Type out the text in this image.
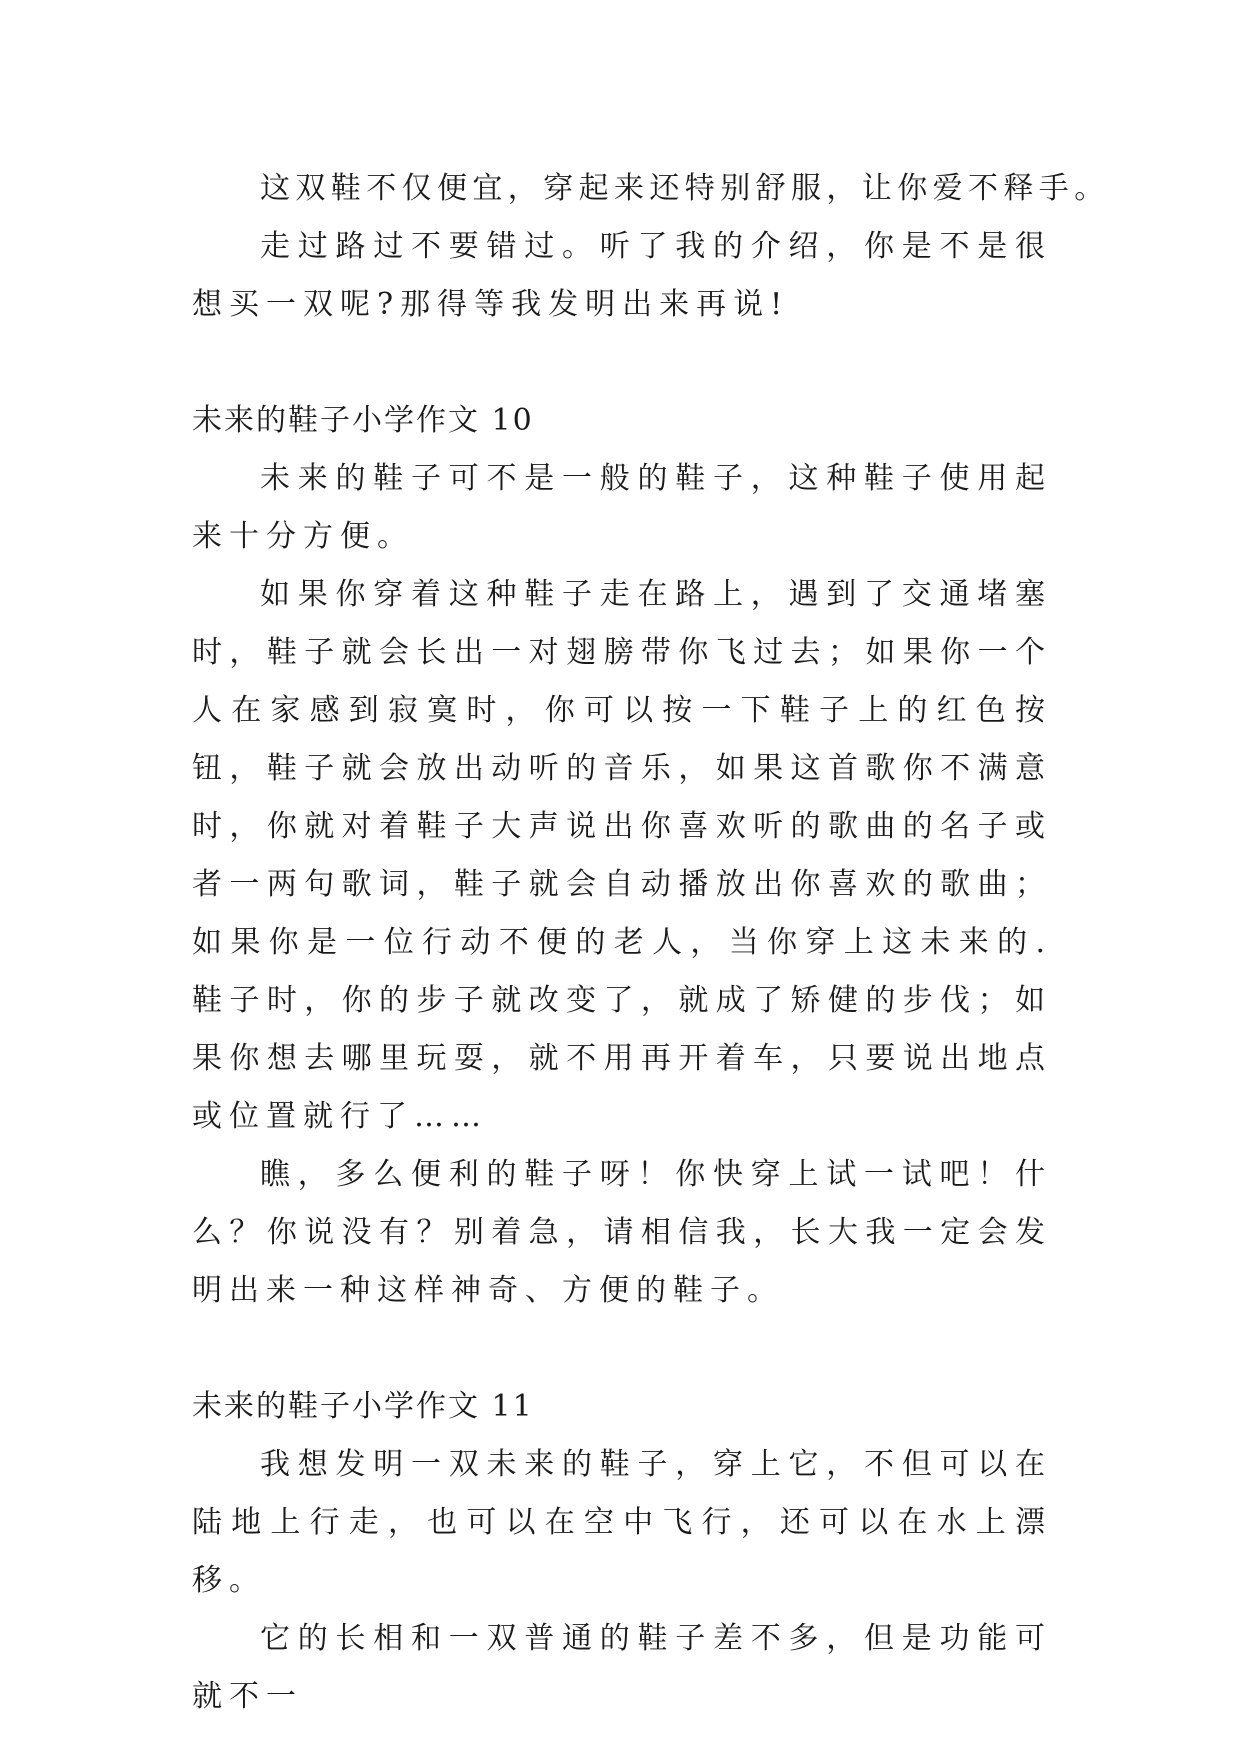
这双鞋不仅便宜，穿起来还特别舒服，让你爱不释手。

走过路过不要错过。听了我的介绍，你是不是很想买一双呢?那得等我发明出来再说!

未来的鞋子小学作文 10

未来的鞋子可不是一般的鞋子，这种鞋子使用起来十分方便。

如果你穿着这种鞋子走在路上，遇到了交通堵塞时，鞋子就会长出一对翅膀带你飞过去；如果你一个人在家感到寂寞时，你可以按一下鞋子上的红色按钮，鞋子就会放出动听的音乐，如果这首歌你不满意时，你就对着鞋子大声说出你喜欢听的歌曲的名子或者一两句歌词，鞋子就会自动播放出你喜欢的歌曲；如果你是一位行动不便的老人，当你穿上这未来的.鞋子时，你的步子就改变了，就成了矫健的步伐；如果你想去哪里玩耍，就不用再开着车，只要说出地点或位置就行了……

瞧，多么便利的鞋子呀！你快穿上试一试吧！什么？你说没有？别着急，请相信我，长大我一定会发明出来一种这样神奇、方便的鞋子。

未来的鞋子小学作文 11

我想发明一双未来的鞋子，穿上它，不但可以在陆地上行走，也可以在空中飞行，还可以在水上漂移。

它的长相和一双普通的鞋子差不多，但是功能可就不一
